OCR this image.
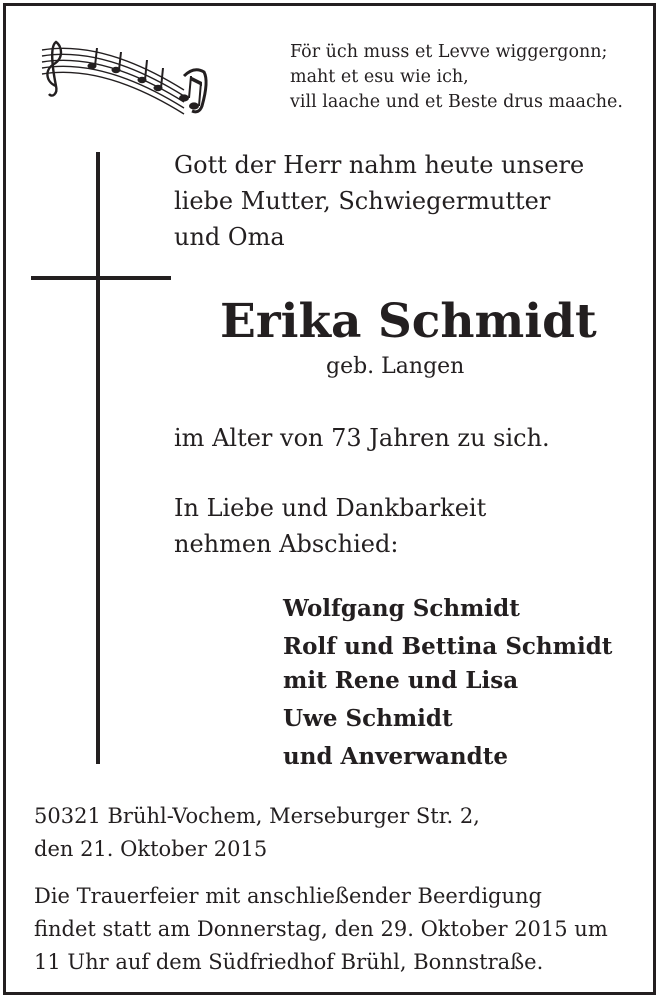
För üch muss et Levve wiggergonn;
maht et esu wie ich,
vill laache und et Beste drus maache.
Gott der Herr nahm heute unsere
liebe Mutter, Schwiegermutter
und Oma
Erika Schmidt
geb. Langen
im Alter von 73 Jahren zu sich.
In Liebe und Dankbarkeit
nehmen Abschied:
Wolfgang Schmidt
Rolf und Bettina Schmidt
mit Rene und Lisa
Uwe Schmidt
und Anverwandte
50321 Brühl-Vochem, Merseburger Str. 2,
den 21. Oktober 2015
Die Trauerfeier mit anschließender Beerdigung
findet statt am Donnerstag, den 29. Oktober 2015 um
11 Uhr auf dem Südfriedhof Brühl, Bonnstraße.
